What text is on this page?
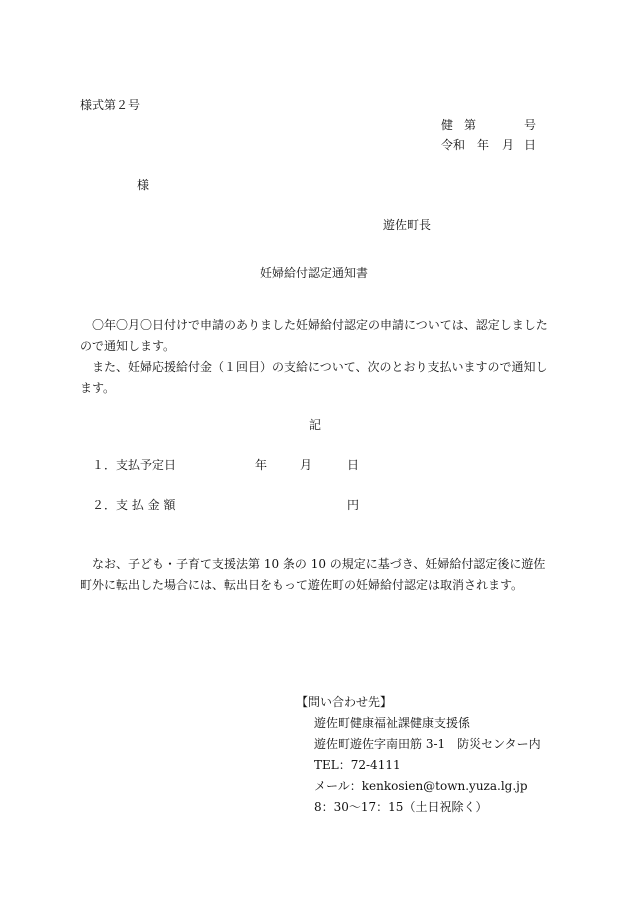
様式第２号
健 第	号
令和 年 月 日
様
遊佐町長
妊婦給付認定通知書

〇年〇月〇日付けで申請のありました妊婦給付認定の申請については、認定しましたので通知します。

また、妊婦応援給付金（１回目）の支給について、次のとおり支払いますので通知します。

記
１．支払予定日	年	月	日
２．支 払 金 額	円

なお、子ども・子育て支援法第 10 条の 10 の規定に基づき、妊婦給付認定後に遊佐町外に転出した場合には、転出日をもって遊佐町の妊婦給付認定は取消されます。

【問い合わせ先】
遊佐町健康福祉課健康支援係
遊佐町遊佐字南田筋 3-1　防災センター内
TEL：72-4111
メール：kenkosien@town.yuza.lg.jp
8：30～17：15（土日祝除く）
